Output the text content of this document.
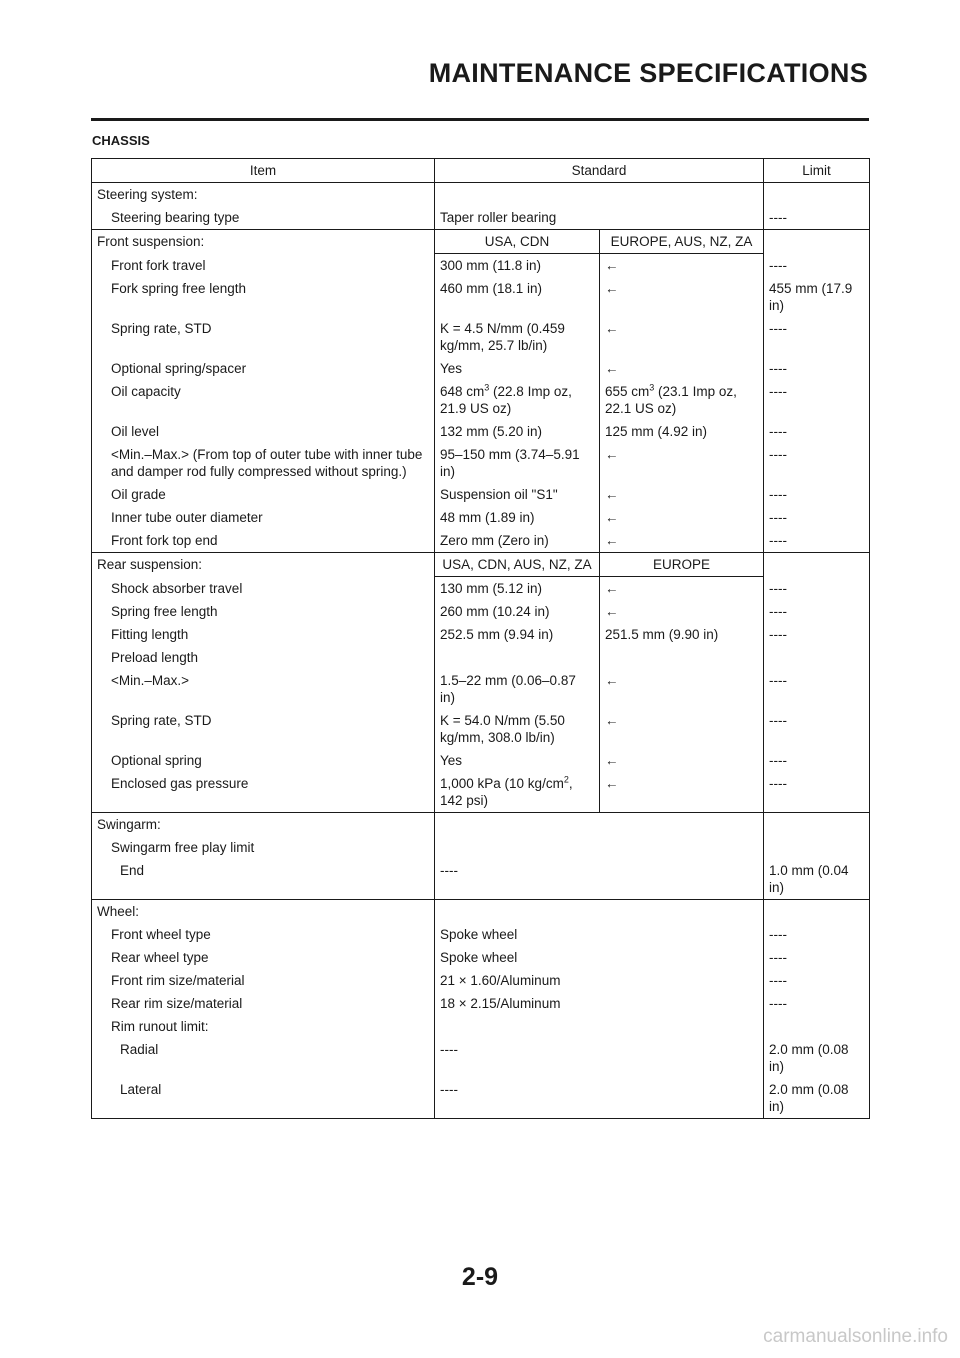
MAINTENANCE SPECIFICATIONS
CHASSIS
Item	Standard		Limit
Steering system:			
Steering bearing type	Taper roller bearing		----
Front suspension:	USA, CDN	EUROPE, AUS, NZ, ZA	
Front fork travel	300 mm (11.8 in)	←	----
Fork spring free length	460 mm (18.1 in)	←	455 mm (17.9 in)
Spring rate, STD	K = 4.5 N/mm (0.459 kg/mm, 25.7 lb/in)	←	----
Optional spring/spacer	Yes	←	----
Oil capacity	648 $cm^3$ (22.8 Imp oz, 21.9 US oz)	655 $cm^3$ (23.1 Imp oz, 22.1 US oz)	----
Oil level	132 mm (5.20 in)	125 mm (4.92 in)	----
<Min.–Max.> (From top of outer tube with inner tube and damper rod fully compressed without spring.)	95–150 mm (3.74–5.91 in)	←	----
Oil grade	Suspension oil "S1"	←	----
Inner tube outer diameter	48 mm (1.89 in)	←	----
Front fork top end	Zero mm (Zero in)	←	----
Rear suspension:	USA, CDN, AUS, NZ, ZA	EUROPE	
Shock absorber travel	130 mm (5.12 in)	←	----
Spring free length	260 mm (10.24 in)	←	----
Fitting length	252.5 mm (9.94 in)	251.5 mm (9.90 in)	----
Preload length			
<Min.–Max.>	1.5–22 mm (0.06–0.87 in)	←	----
Spring rate, STD	K = 54.0 N/mm (5.50 kg/mm, 308.0 lb/in)	←	----
Optional spring	Yes	←	----
Enclosed gas pressure	1,000 kPa (10 $kg/cm^2$, 142 psi)	←	----
Swingarm:			
Swingarm free play limit			
End	----		1.0 mm (0.04 in)
Wheel:			
Front wheel type	Spoke wheel		----
Rear wheel type	Spoke wheel		----
Front rim size/material	21 × 1.60/Aluminum		----
Rear rim size/material	18 × 2.15/Aluminum		----
Rim runout limit:			
Radial	----		2.0 mm (0.08 in)
Lateral	----		2.0 mm (0.08 in)
2-9
carmanualsonline.info
